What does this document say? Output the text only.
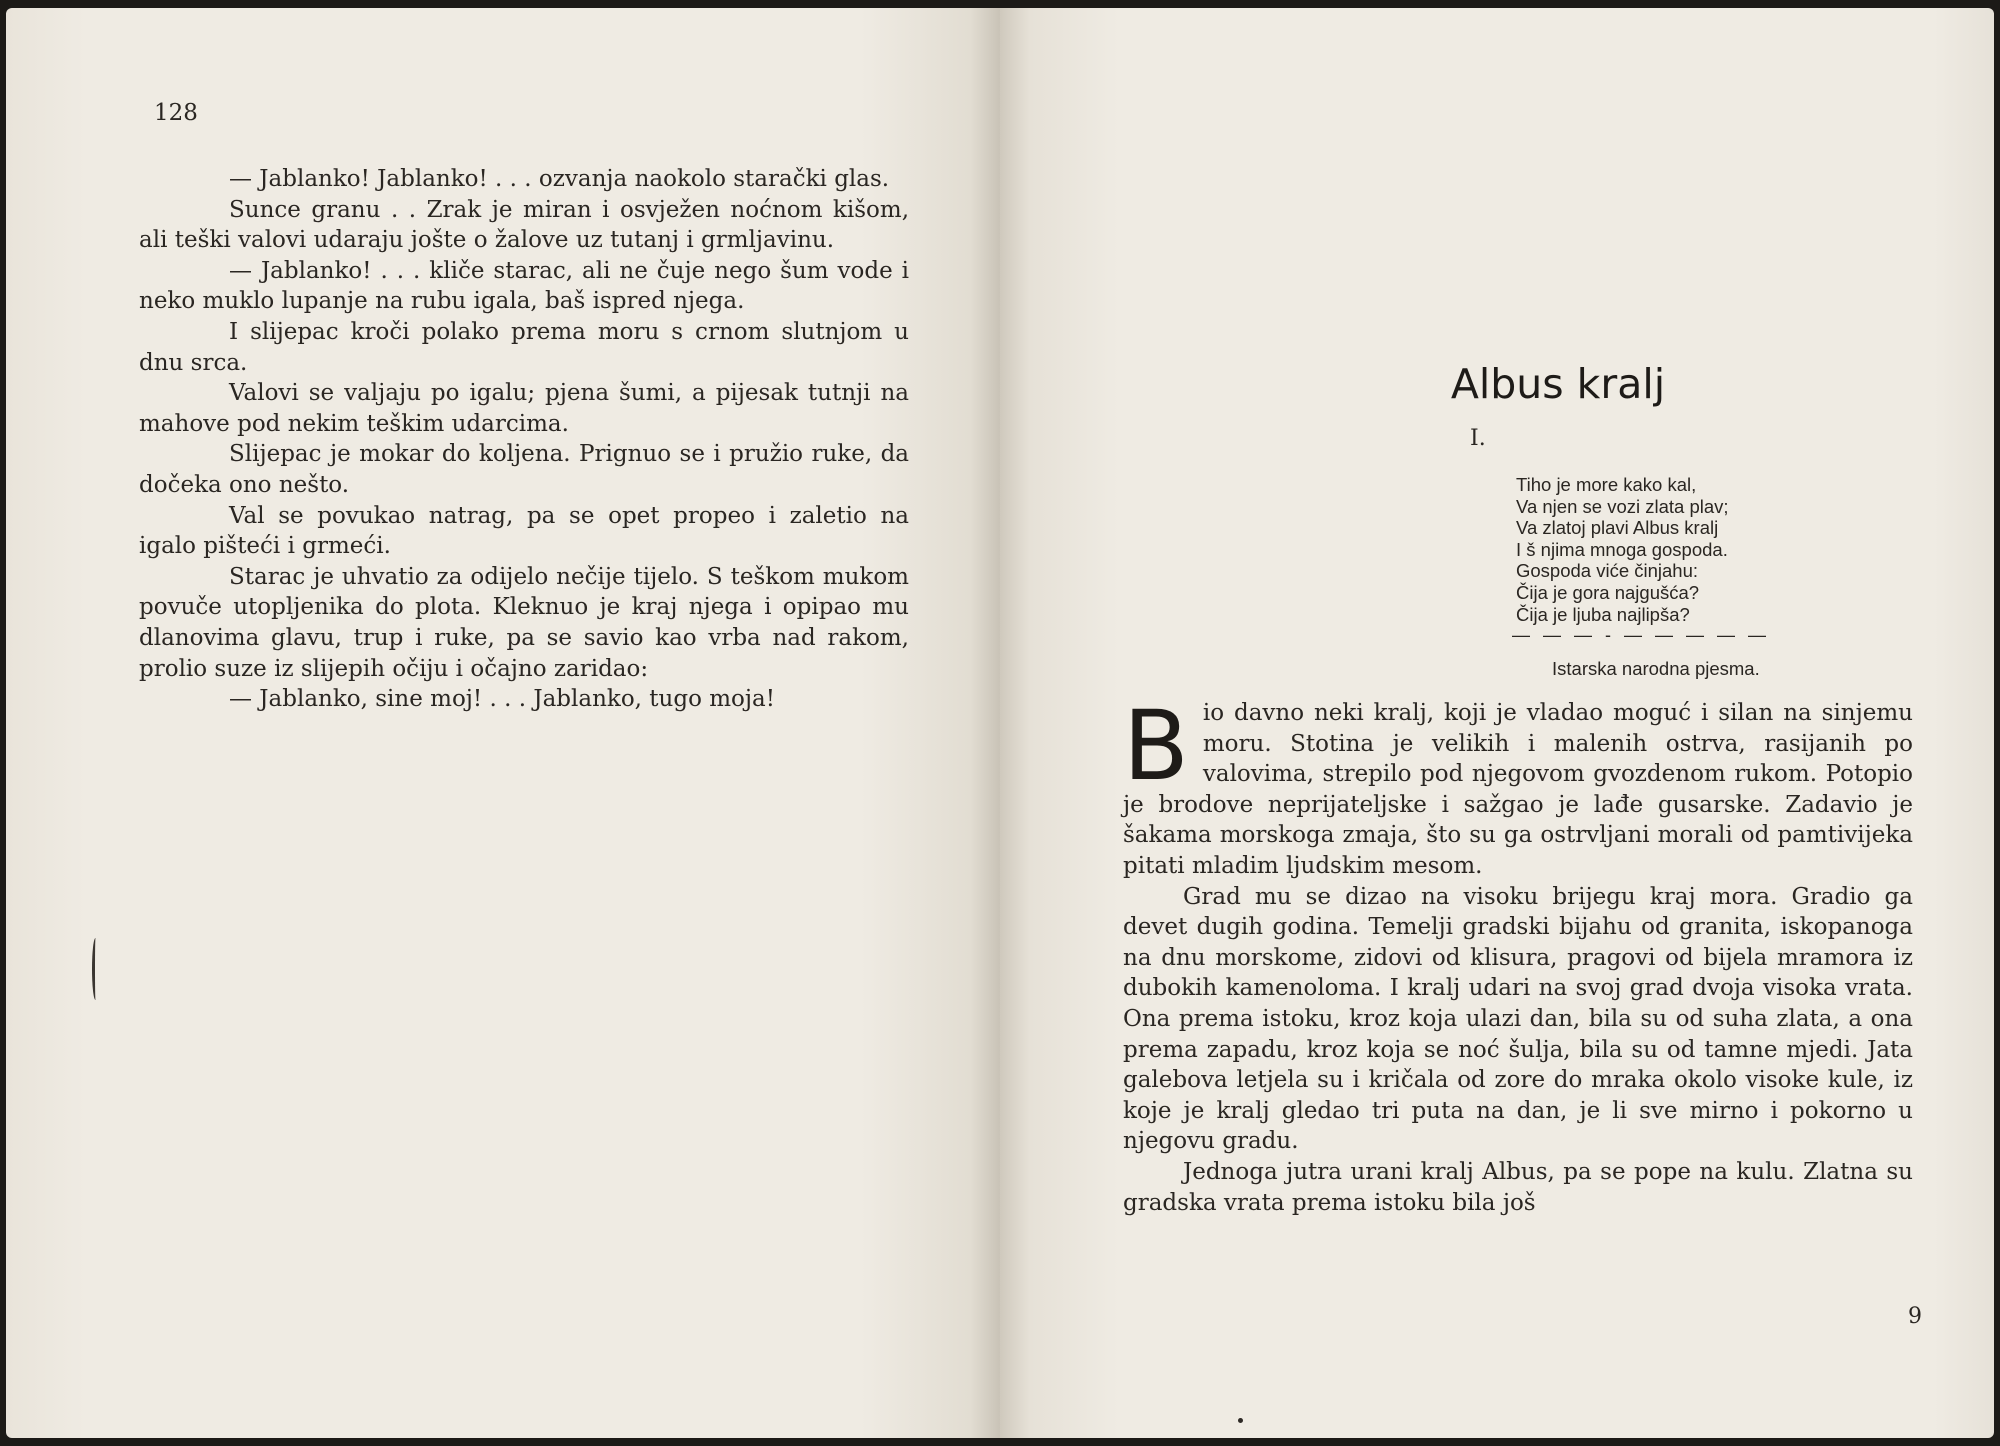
128

— Jablanko! Jablanko! . . . ozvanja naokolo starački glas.

Sunce granu . . Zrak je miran i osvježen noćnom kišom, ali teški valovi udaraju jošte o žalove uz tutanj i grmljavinu.

— Jablanko! . . . kliče starac, ali ne čuje nego šum vode i neko muklo lupanje na rubu igala, baš ispred njega.

I slijepac kroči polako prema moru s crnom slutnjom u dnu srca.

Valovi se valjaju po igalu; pjena šumi, a pijesak tutnji na mahove pod nekim teškim udarcima.

Slijepac je mokar do koljena. Prignuo se i pružio ruke, da dočeka ono nešto.

Val se povukao natrag, pa se opet propeo i zaletio na igalo pišteći i grmeći.

Starac je uhvatio za odijelo nečije tijelo. S teškom mukom povuče utopljenika do plota. Kleknuo je kraj njega i opipao mu dlanovima glavu, trup i ruke, pa se savio kao vrba nad rakom, prolio suze iz slijepih očiju i očajno zaridao:

— Jablanko, sine moj! . . . Jablanko, tugo moja!

Albus kralj
I.
Tiho je more kako kal,
Va njen se vozi zlata plav;
Va zlatoj plavi Albus kralj
I š njima mnoga gospoda.
Gospoda viće činjahu:
Čija je gora najgušća?
Čija je ljuba najlipša?
— — — - — — — — —
Istarska narodna pjesma.

Bio davno neki kralj, koji je vladao moguć i silan na sinjemu moru. Stotina je velikih i malenih ostrva, rasijanih po valovima, strepilo pod njegovom gvozdenom rukom. Potopio je brodove neprijateljske i sažgao je lađe gusarske. Zadavio je šakama morskoga zmaja, što su ga ostrvljani morali od pamtivijeka pitati mladim ljudskim mesom.

Grad mu se dizao na visoku brijegu kraj mora. Gradio ga devet dugih godina. Temelji gradski bijahu od granita, iskopanoga na dnu morskome, zidovi od klisura, pragovi od bijela mramora iz dubokih kamenoloma. I kralj udari na svoj grad dvoja visoka vrata. Ona prema istoku, kroz koja ulazi dan, bila su od suha zlata, a ona prema zapadu, kroz koja se noć šulja, bila su od tamne mjedi. Jata galebova letjela su i kričala od zore do mraka okolo visoke kule, iz koje je kralj gledao tri puta na dan, je li sve mirno i pokorno u njegovu gradu.

Jednoga jutra urani kralj Albus, pa se pope na kulu. Zlatna su gradska vrata prema istoku bila još

9
